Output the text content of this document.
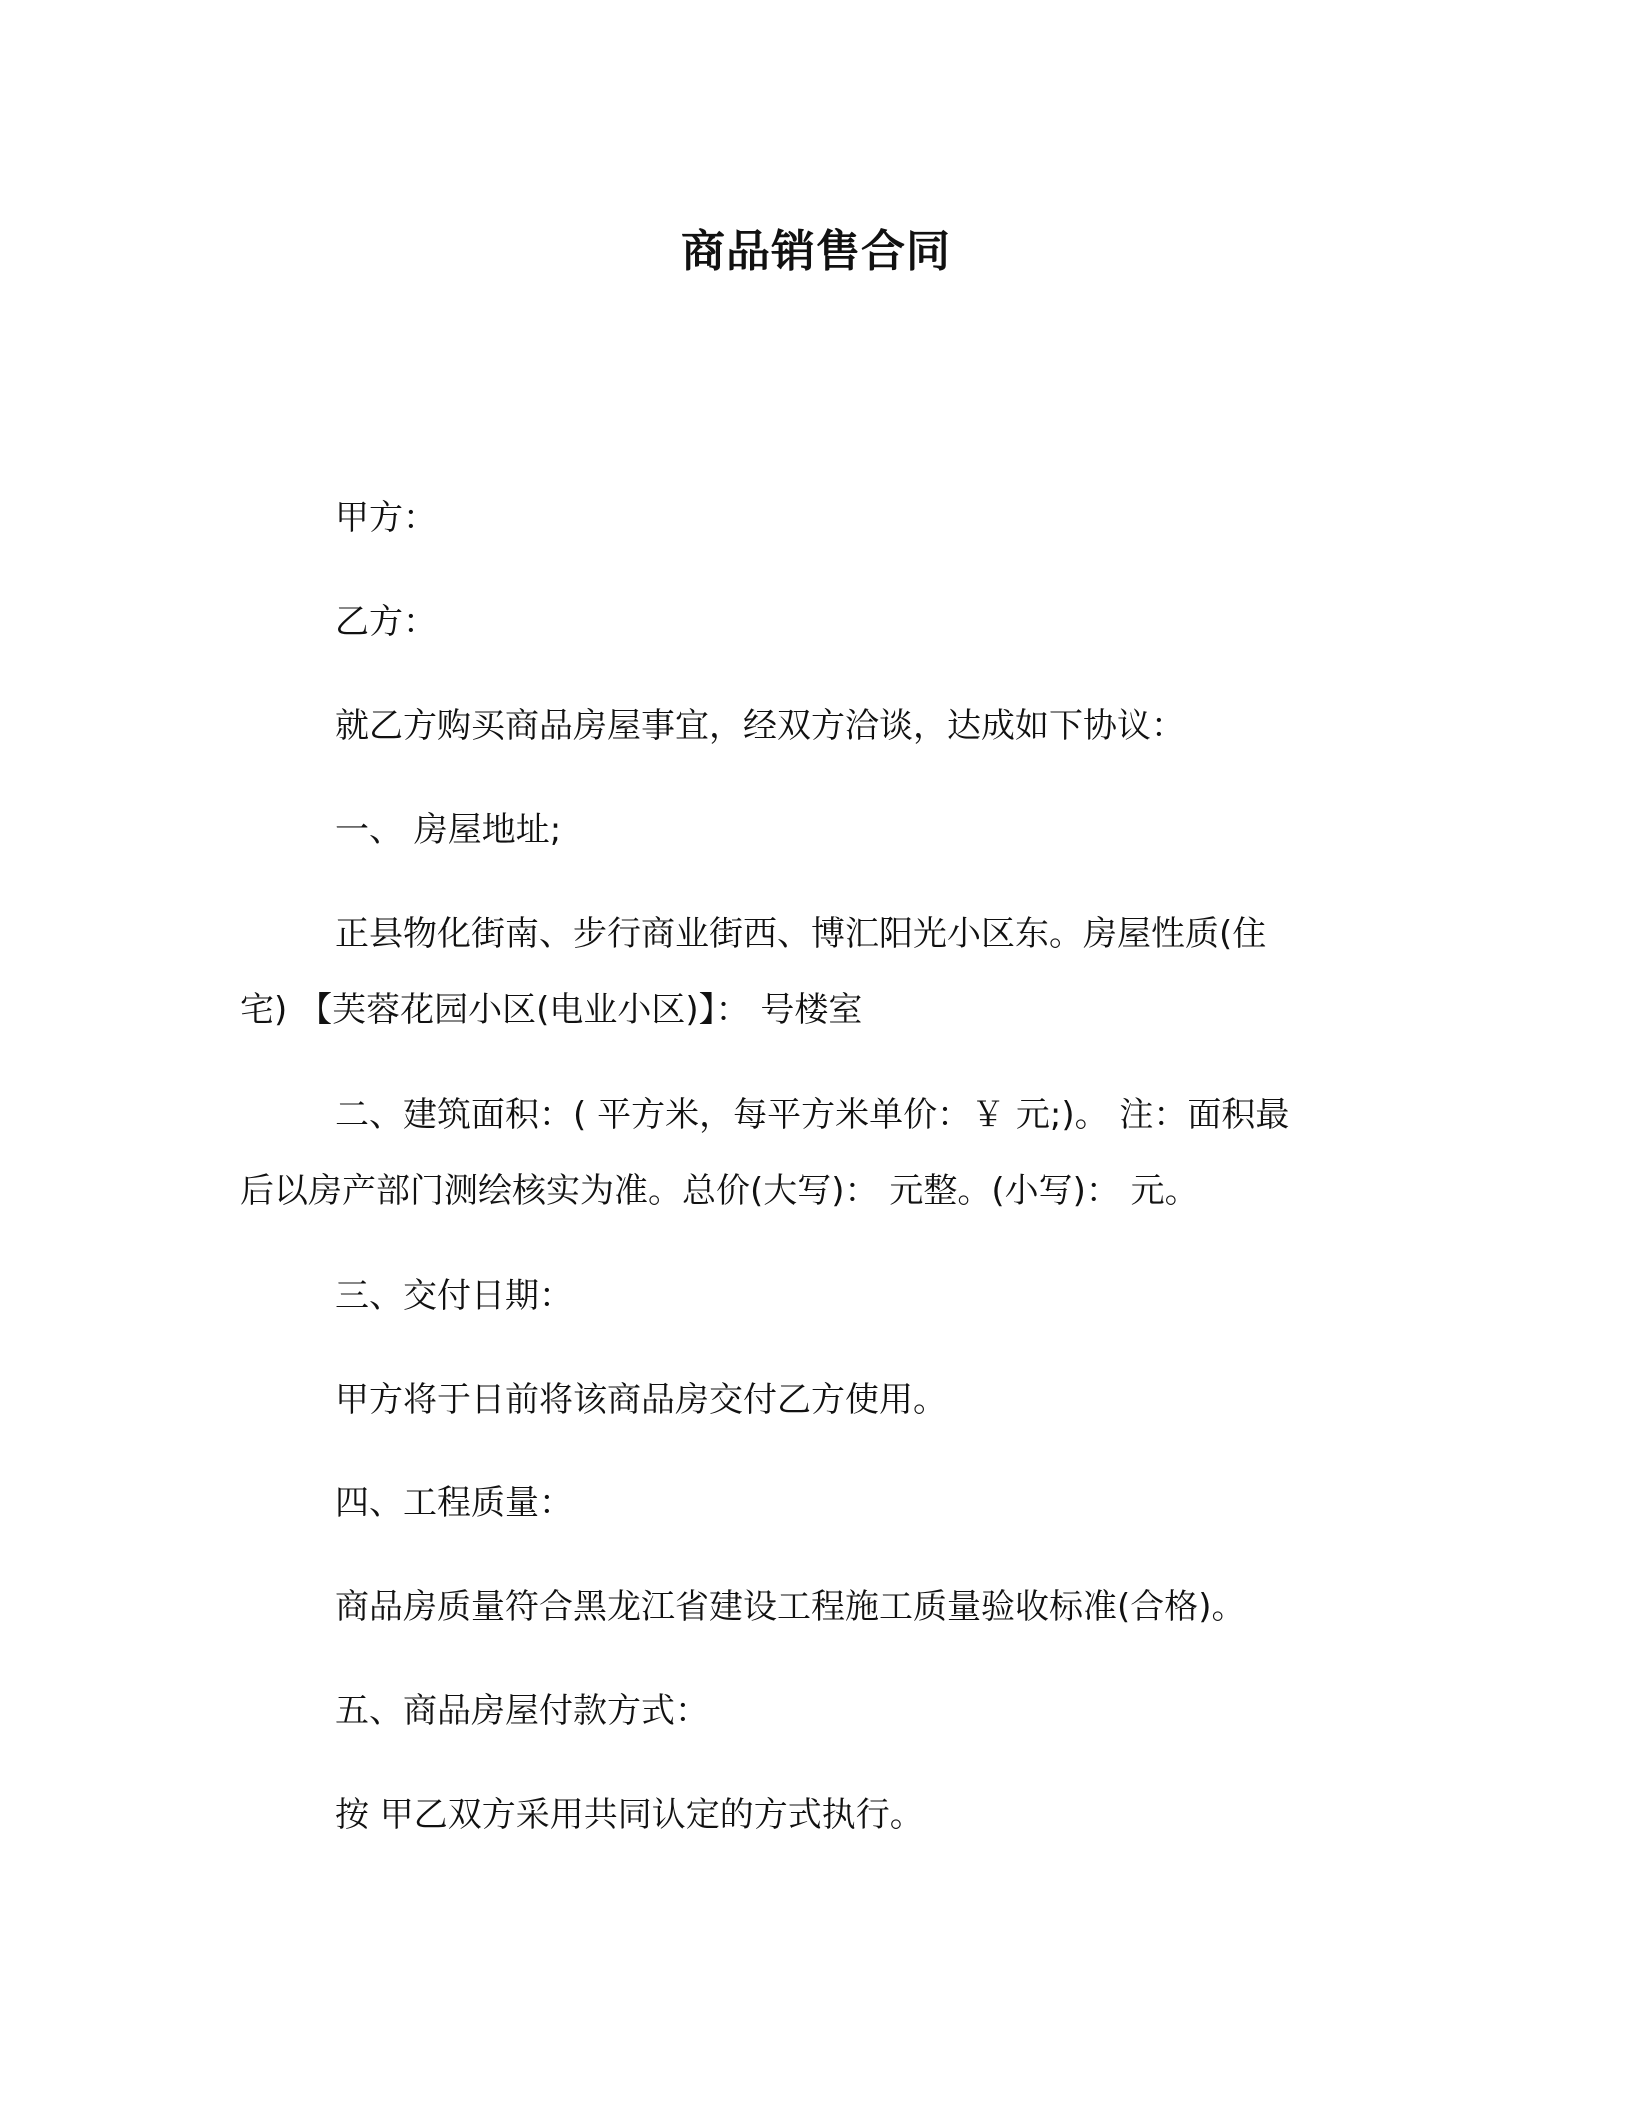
商品销售合同
甲方：
乙方：
就乙方购买商品房屋事宜，经双方洽谈，达成如下协议：
一、 房屋地址;
正县物化街南、步行商业街西、博汇阳光小区东。房屋性质(住
宅) 【芙蓉花园小区(电业小区)】： 号楼室
二、建筑面积：( 平方米，每平方米单价：￥ 元;)。 注：面积最
后以房产部门测绘核实为准。总价(大写)： 元整。(小写)： 元。
三、交付日期：
甲方将于日前将该商品房交付乙方使用。
四、工程质量：
商品房质量符合黑龙江省建设工程施工质量验收标准(合格)。
五、商品房屋付款方式：
按 甲乙双方采用共同认定的方式执行。
